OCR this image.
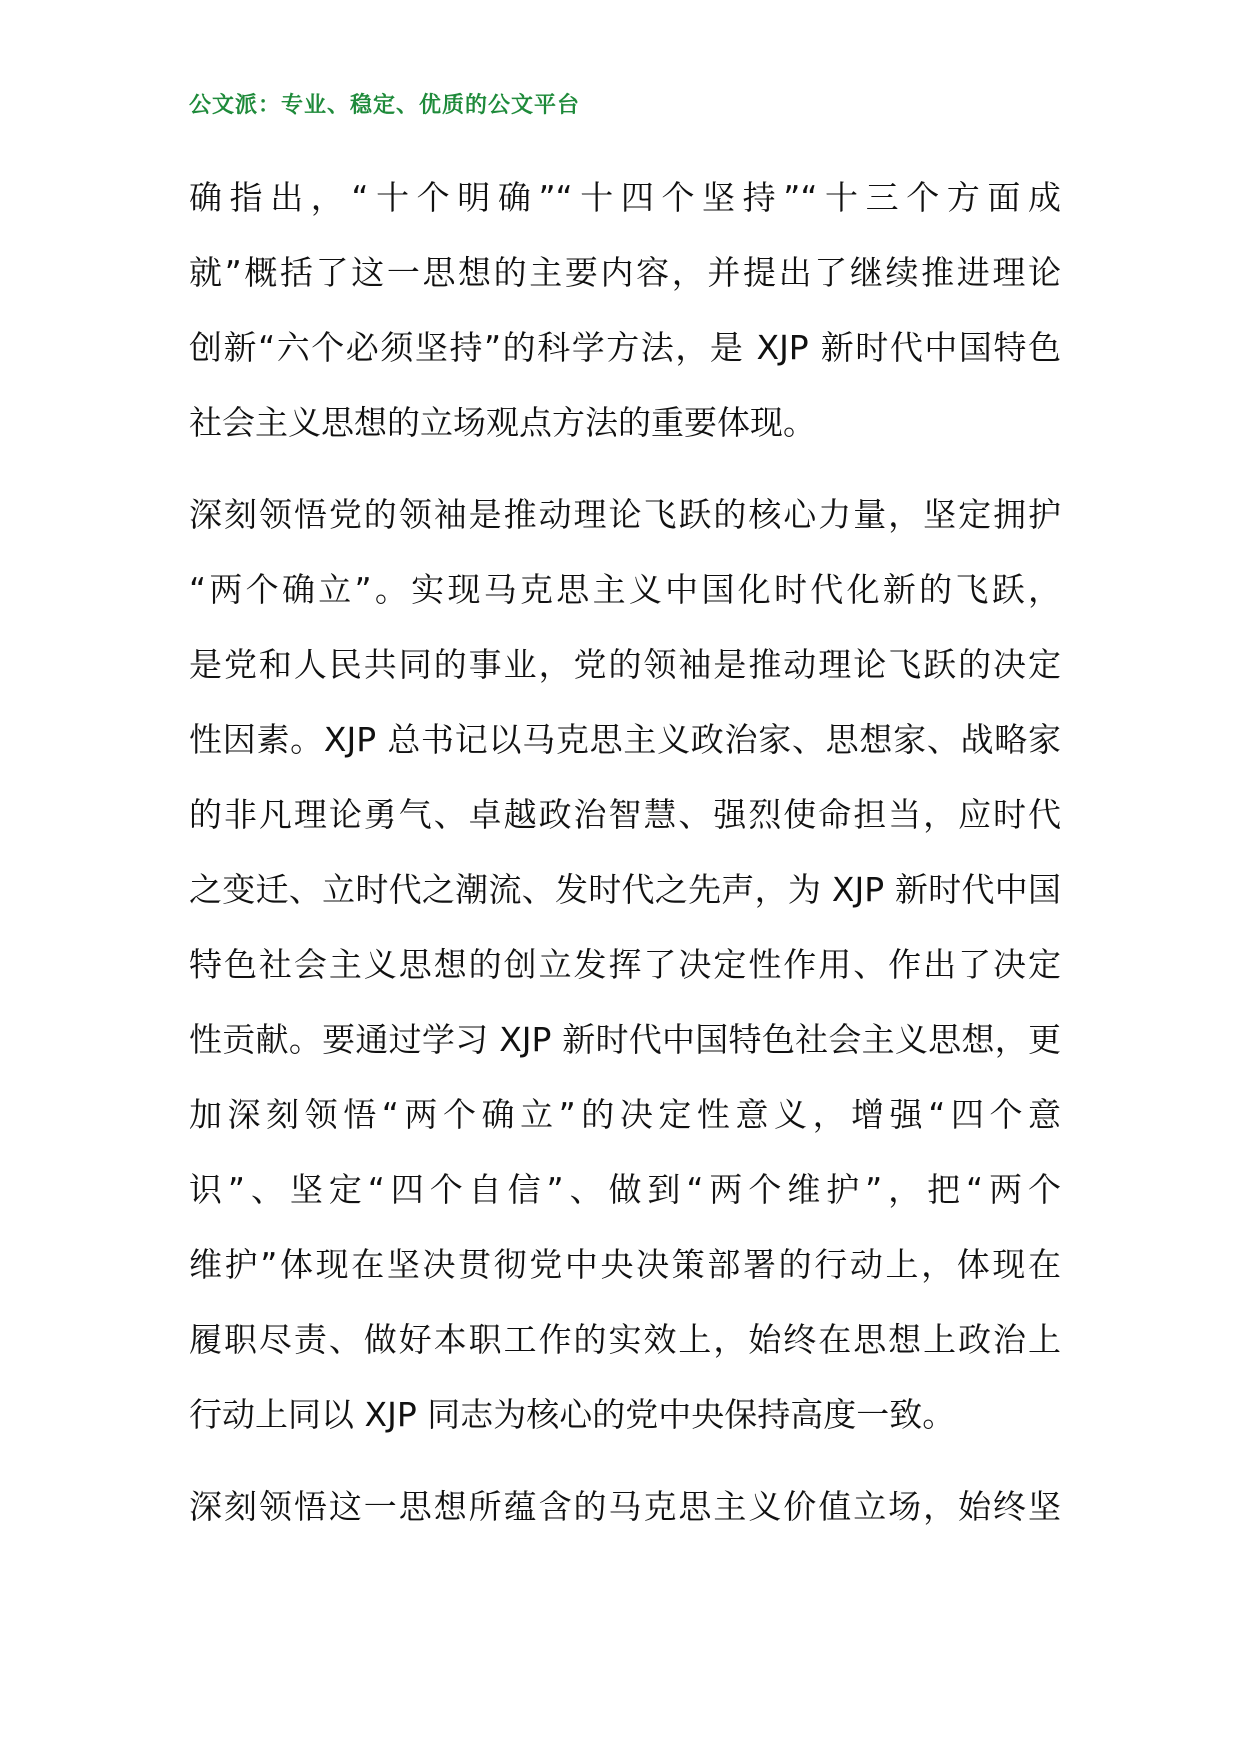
公文派：专业、稳定、优质的公文平台
确指出，“十个明确”“十四个坚持”“十三个方面成
就”概括了这一思想的主要内容，并提出了继续推进理论
创新“六个必须坚持”的科学方法，是 XJP 新时代中国特色
社会主义思想的立场观点方法的重要体现。
深刻领悟党的领袖是推动理论飞跃的核心力量，坚定拥护
“两个确立”。实现马克思主义中国化时代化新的飞跃，
是党和人民共同的事业，党的领袖是推动理论飞跃的决定
性因素。XJP 总书记以马克思主义政治家、思想家、战略家
的非凡理论勇气、卓越政治智慧、强烈使命担当，应时代
之变迁、立时代之潮流、发时代之先声，为 XJP 新时代中国
特色社会主义思想的创立发挥了决定性作用、作出了决定
性贡献。要通过学习 XJP 新时代中国特色社会主义思想，更
加深刻领悟“两个确立”的决定性意义，增强“四个意
识”、坚定“四个自信”、做到“两个维护”，把“两个
维护”体现在坚决贯彻党中央决策部署的行动上，体现在
履职尽责、做好本职工作的实效上，始终在思想上政治上
行动上同以 XJP 同志为核心的党中央保持高度一致。
深刻领悟这一思想所蕴含的马克思主义价值立场，始终坚
